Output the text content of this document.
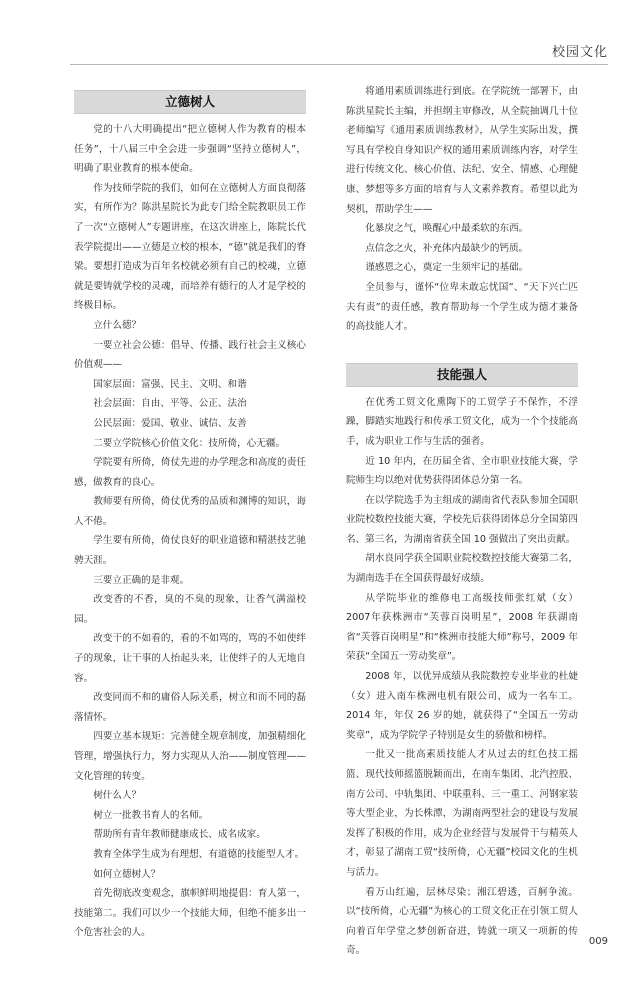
校园文化
立德树人

党的十八大明确提出“把立德树人作为教育的根本任务”，十八届三中全会进一步强调“坚持立德树人”，明确了职业教育的根本使命。

作为技师学院的我们，如何在立德树人方面良彻落实，有所作为？陈洪星院长为此专门给全院教职员工作了一次“立德树人”专题讲座，在这次讲座上，陈院长代表学院提出——立德是立校的根本，“德”就是我们的脊梁。要想打造成为百年名校就必须有自己的校魂，立德就是要铸就学校的灵魂，而培养有德行的人才是学校的终极目标。

立什么德？

一要立社会公德：倡导、传播、践行社会主义核心价值观——

国家层面：富强、民主、文明、和谐

社会层面：自由、平等、公正、法治

公民层面：爱国、敬业、诚信、友善

二要立学院核心价值文化：技所倚，心无疆。

学院要有所倚，倚仗先进的办学理念和高度的责任感，做教育的良心。

教师要有所倚，倚仗优秀的品质和渊博的知识，诲人不倦。

学生要有所倚，倚仗良好的职业道德和精湛技艺驰骋天涯。

三要立正确的是非观。

改变香的不香，臭的不臭的现象，让香气满溢校园。

改变干的不如看的，看的不如骂的，骂的不如使绊子的现象，让干事的人抬起头来，让使绊子的人无地自容。

改变同而不和的庸俗人际关系，树立和而不同的磊落情怀。

四要立基本规矩：完善健全规章制度，加强精细化管理，增强执行力，努力实现从人治——制度管理——文化管理的转变。

树什么人？

树立一批教书育人的名师。

帮助所有青年教师健康成长、成名成家。

教育全体学生成为有理想、有道德的技能型人才。

如何立德树人？

首先彻底改变观念，旗帜鲜明地提倡：育人第一，技能第二。我们可以少一个技能大师，但绝不能多出一个危害社会的人。

将通用素质训练进行到底。在学院统一部署下，由陈洪星院长主编，并担纲主审修改，从全院抽调几十位老师编写《通用素质训练教材》，从学生实际出发，撰写具有学校自身知识产权的通用素质训练内容，对学生进行传统文化、核心价值、法纪、安全、情感、心理健康、梦想等多方面的培育与人文素养教育。希望以此为契机，帮助学生——

化暴戾之气，唤醒心中最柔软的东西。

点信念之火，补充体内最缺少的钙质。

谨感恩之心，奠定一生须牢记的基础。

全员参与，谨怀“位卑未敢忘忧国”、“天下兴亡匹夫有责”的责任感，教育帮助每一个学生成为德才兼备的高技能人才。

技能强人

在优秀工贸文化熏陶下的工贸学子不保怍，不浮躁，脚踏实地践行和传承工贸文化，成为一个个技能高手，成为职业工作与生活的强者。

近 10 年内，在历届全省、全市职业技能大赛，学院师生均以绝对优势获得团体总分第一名。

在以学院选手为主组成的湖南省代表队参加全国职业院校数控技能大赛，学校先后获得团体总分全国第四名、第三名，为湖南省获全国 10 强做出了突出贡献。

胡水良同学获全国职业院校数控技能大赛第二名，为湖南选手在全国获得最好成绩。

从学院毕业的维修电工高级技师张红斌（女）2007年获株洲市“芙蓉百岗明星”，2008 年获湖南省“芙蓉百岗明星”和“株洲市技能大师”称号，2009 年荣获“全国五一劳动奖章”。

2008 年，以优异成绩从我院数控专业毕业的杜婕（女）进入南车株洲电机有限公司，成为一名车工。2014 年，年仅 26 岁的她，就获得了“全国五一劳动奖章”，成为学院学子特别是女生的骄傲和榜样。

一批又一批高素质技能人才从过去的红色技工摇篮、现代技师摇篮脱颖而出，在南车集团、北汽控股、南方公司、中轨集团、中联重科、三一重工、河钢家装等大型企业，为长株潭，为湖南两型社会的建设与发展发挥了积极的作用，成为企业经营与发展骨干与精英人才，彰显了湖南工贸“技所倚，心无疆”校园文化的生机与活力。

看万山红遍，层林尽染；湘江碧透，百舸争流。以“技所倚，心无疆”为核心的工贸文化正在引领工贸人向着百年学堂之梦创新奋进，铸就一项又一项新的传奇。

009
